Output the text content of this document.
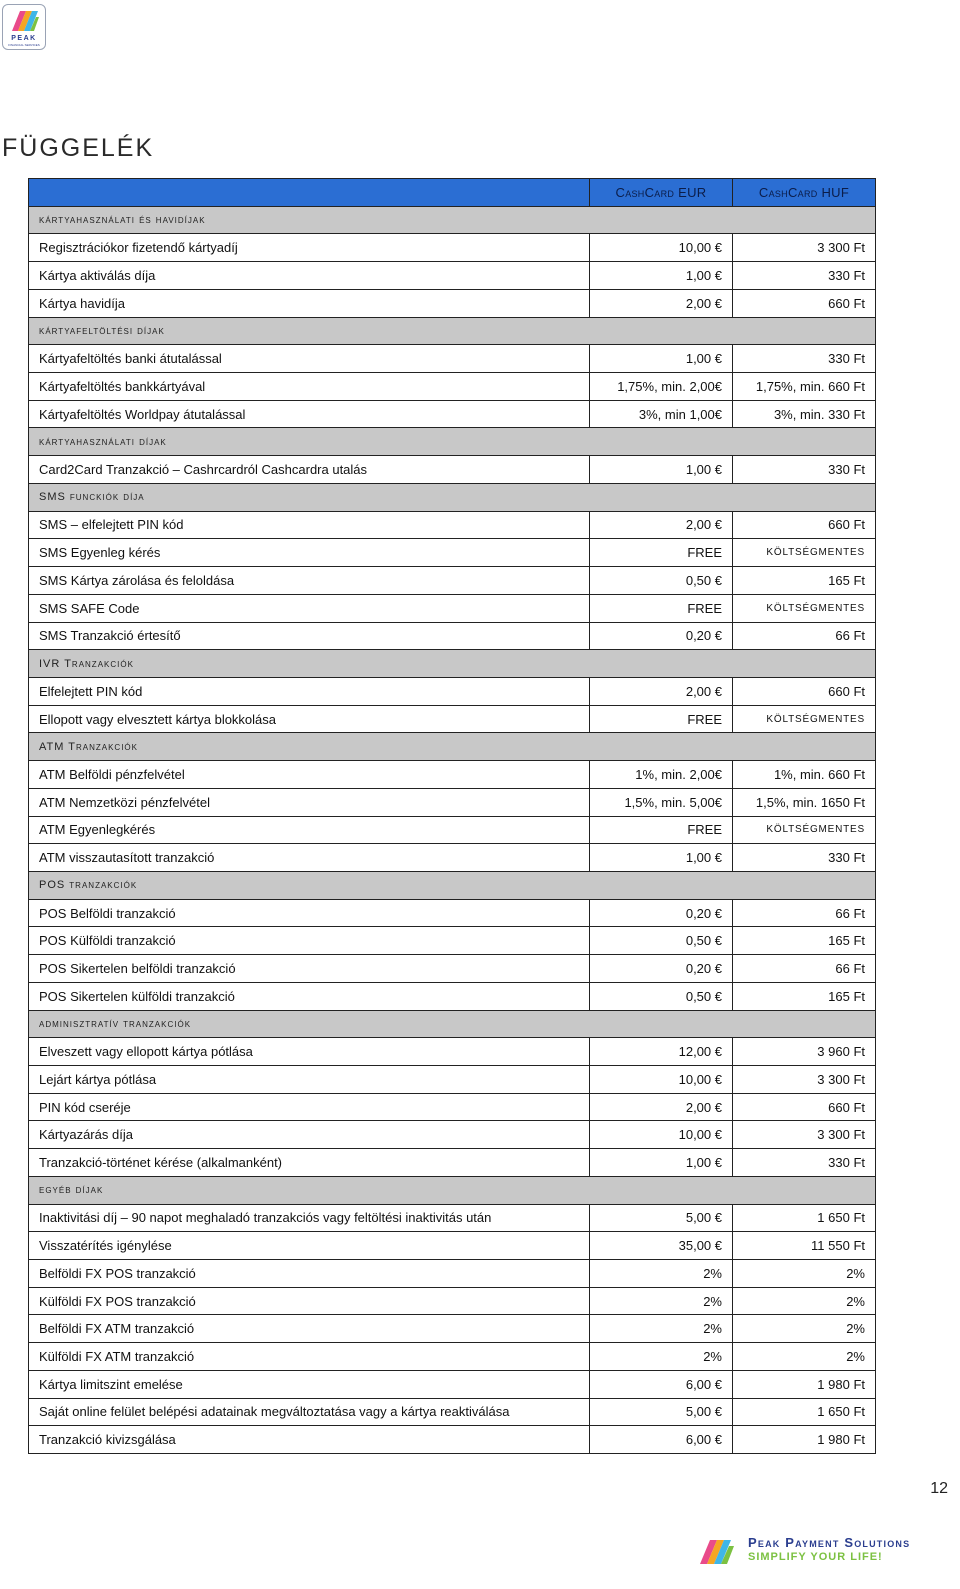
PEAK
FINANCIAL SERVICES
FÜGGELÉK
	CashCard EUR	CashCard HUF
kártyahasználati és havidíjak		
Regisztrációkor fizetendő kártyadíj	10,00 €	3 300 Ft
Kártya aktiválás díja	1,00 €	330 Ft
Kártya havidíja	2,00 €	660 Ft
kártyafeltöltési díjak		
Kártyafeltöltés banki átutalással	1,00 €	330 Ft
Kártyafeltöltés bankkártyával	1,75%, min. 2,00€	1,75%, min. 660 Ft
Kártyafeltöltés Worldpay átutalással	3%, min 1,00€	3%, min. 330 Ft
kártyahasználati díjak		
Card2Card Tranzakció – Cashrcardról Cashcardra utalás	1,00 €	330 Ft
SMS funckiók díja		
SMS – elfelejtett PIN kód	2,00 €	660 Ft
SMS Egyenleg kérés	FREE	KÖLTSÉGMENTES
SMS Kártya zárolása és feloldása	0,50 €	165 Ft
SMS SAFE Code	FREE	KÖLTSÉGMENTES
SMS Tranzakció értesítő	0,20 €	66 Ft
IVR Tranzakciók		
Elfelejtett PIN kód	2,00 €	660 Ft
Ellopott vagy elvesztett kártya blokkolása	FREE	KÖLTSÉGMENTES
ATM Tranzakciók		
ATM Belföldi pénzfelvétel	1%, min. 2,00€	1%, min. 660 Ft
ATM Nemzetközi pénzfelvétel	1,5%, min. 5,00€	1,5%, min. 1650 Ft
ATM Egyenlegkérés	FREE	KÖLTSÉGMENTES
ATM visszautasított tranzakció	1,00 €	330 Ft
POS tranzakciók		
POS Belföldi tranzakció	0,20 €	66 Ft
POS Külföldi tranzakció	0,50 €	165 Ft
POS Sikertelen belföldi tranzakció	0,20 €	66 Ft
POS Sikertelen külföldi tranzakció	0,50 €	165 Ft
adminisztratív tranzakciók		
Elveszett vagy ellopott kártya pótlása	12,00 €	3 960 Ft
Lejárt kártya pótlása	10,00 €	3 300 Ft
PIN kód cseréje	2,00 €	660 Ft
Kártyazárás díja	10,00 €	3 300 Ft
Tranzakció-történet kérése (alkalmanként)	1,00 €	330 Ft
egyéb díjak		
Inaktivitási díj – 90 napot meghaladó tranzakciós vagy feltöltési inaktivitás után	5,00 €	1 650 Ft
Visszatérítés igénylése	35,00 €	11 550 Ft
Belföldi FX POS tranzakció	2%	2%
Külföldi FX POS tranzakció	2%	2%
Belföldi FX ATM tranzakció	2%	2%
Külföldi FX ATM tranzakció	2%	2%
Kártya limitszint emelése	6,00 €	1 980 Ft
Saját online felület belépési adatainak megváltoztatása vagy a kártya reaktiválása	5,00 €	1 650 Ft
Tranzakció kivizsgálása	6,00 €	1 980 Ft
12
Peak Payment Solutions
SIMPLIFY YOUR LIFE!
